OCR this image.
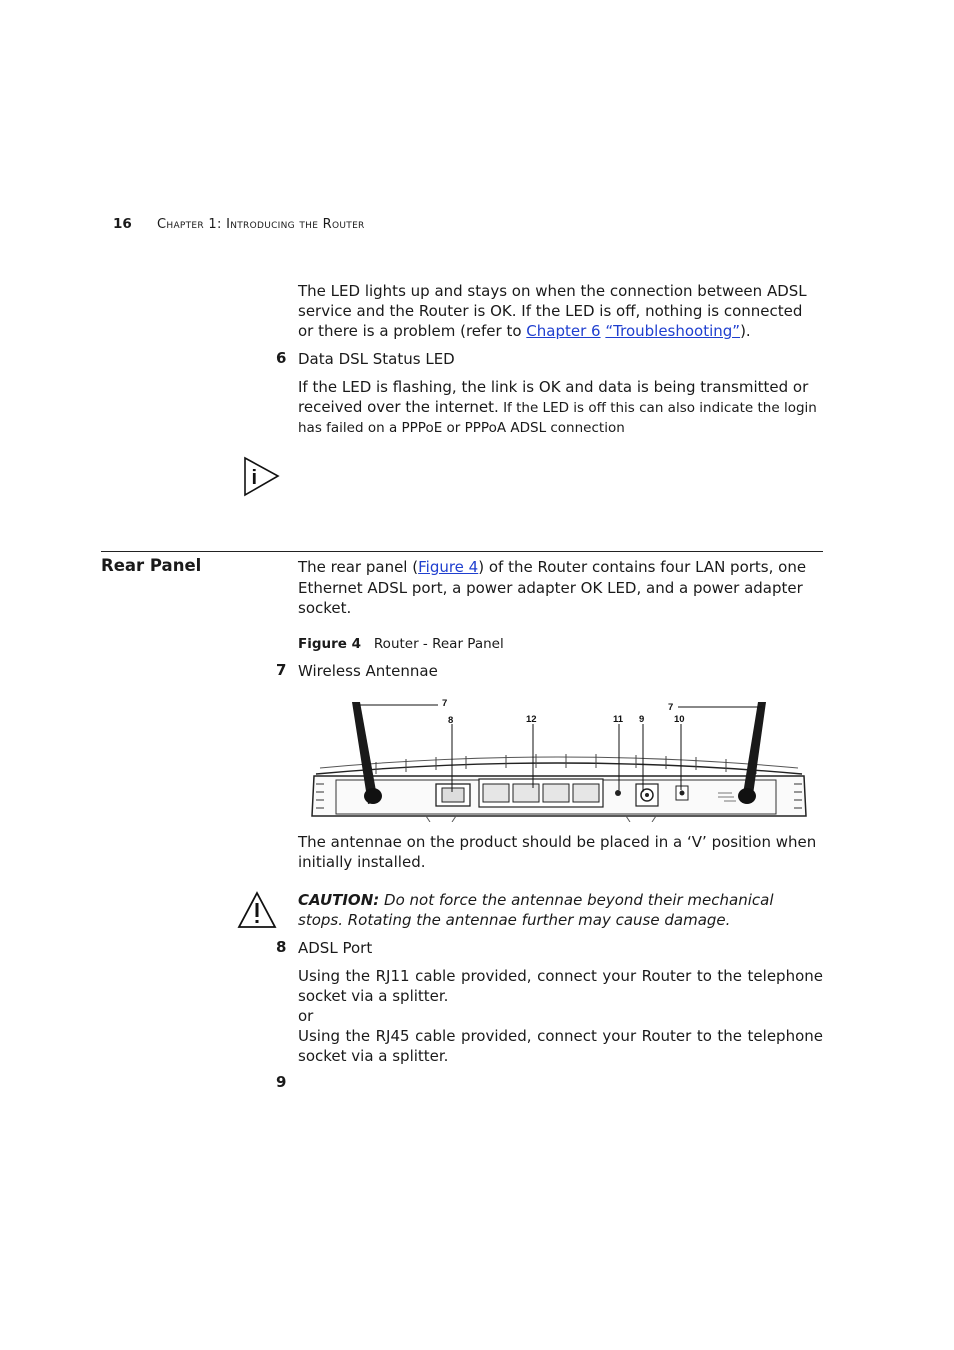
16 Chapter 1: Introducing the Router
The LED lights up and stays on when the connection between ADSL service and the Router is OK. If the LED is off, nothing is connected or there is a problem (refer to Chapter 6 “Troubleshooting”).
6 Data DSL Status LED
If the LED is flashing, the link is OK and data is being transmitted or
received over the internet. If the LED is off this can also indicate the login
has failed on a PPPoE or PPPoA ADSL connection
i
Rear Panel	The rear panel (Figure 4) of the Router contains four LAN ports, one Ethernet ADSL port, a power adapter OK LED, and a power adapter socket.
Figure 4 Router - Rear Panel
7 Wireless Antennae
7
8	12	11 9	10
7
The antennae on the product should be placed in a ‘V’ position when initially installed.
CAUTION: Do not force the antennae beyond their mechanical stops. Rotating the antennae further may cause damage.
8 ADSL Port
Using the RJ11 cable provided, connect your Router to the telephone socket via a splitter.
or
Using the RJ45 cable provided, connect your Router to the telephone socket via a splitter.
9
